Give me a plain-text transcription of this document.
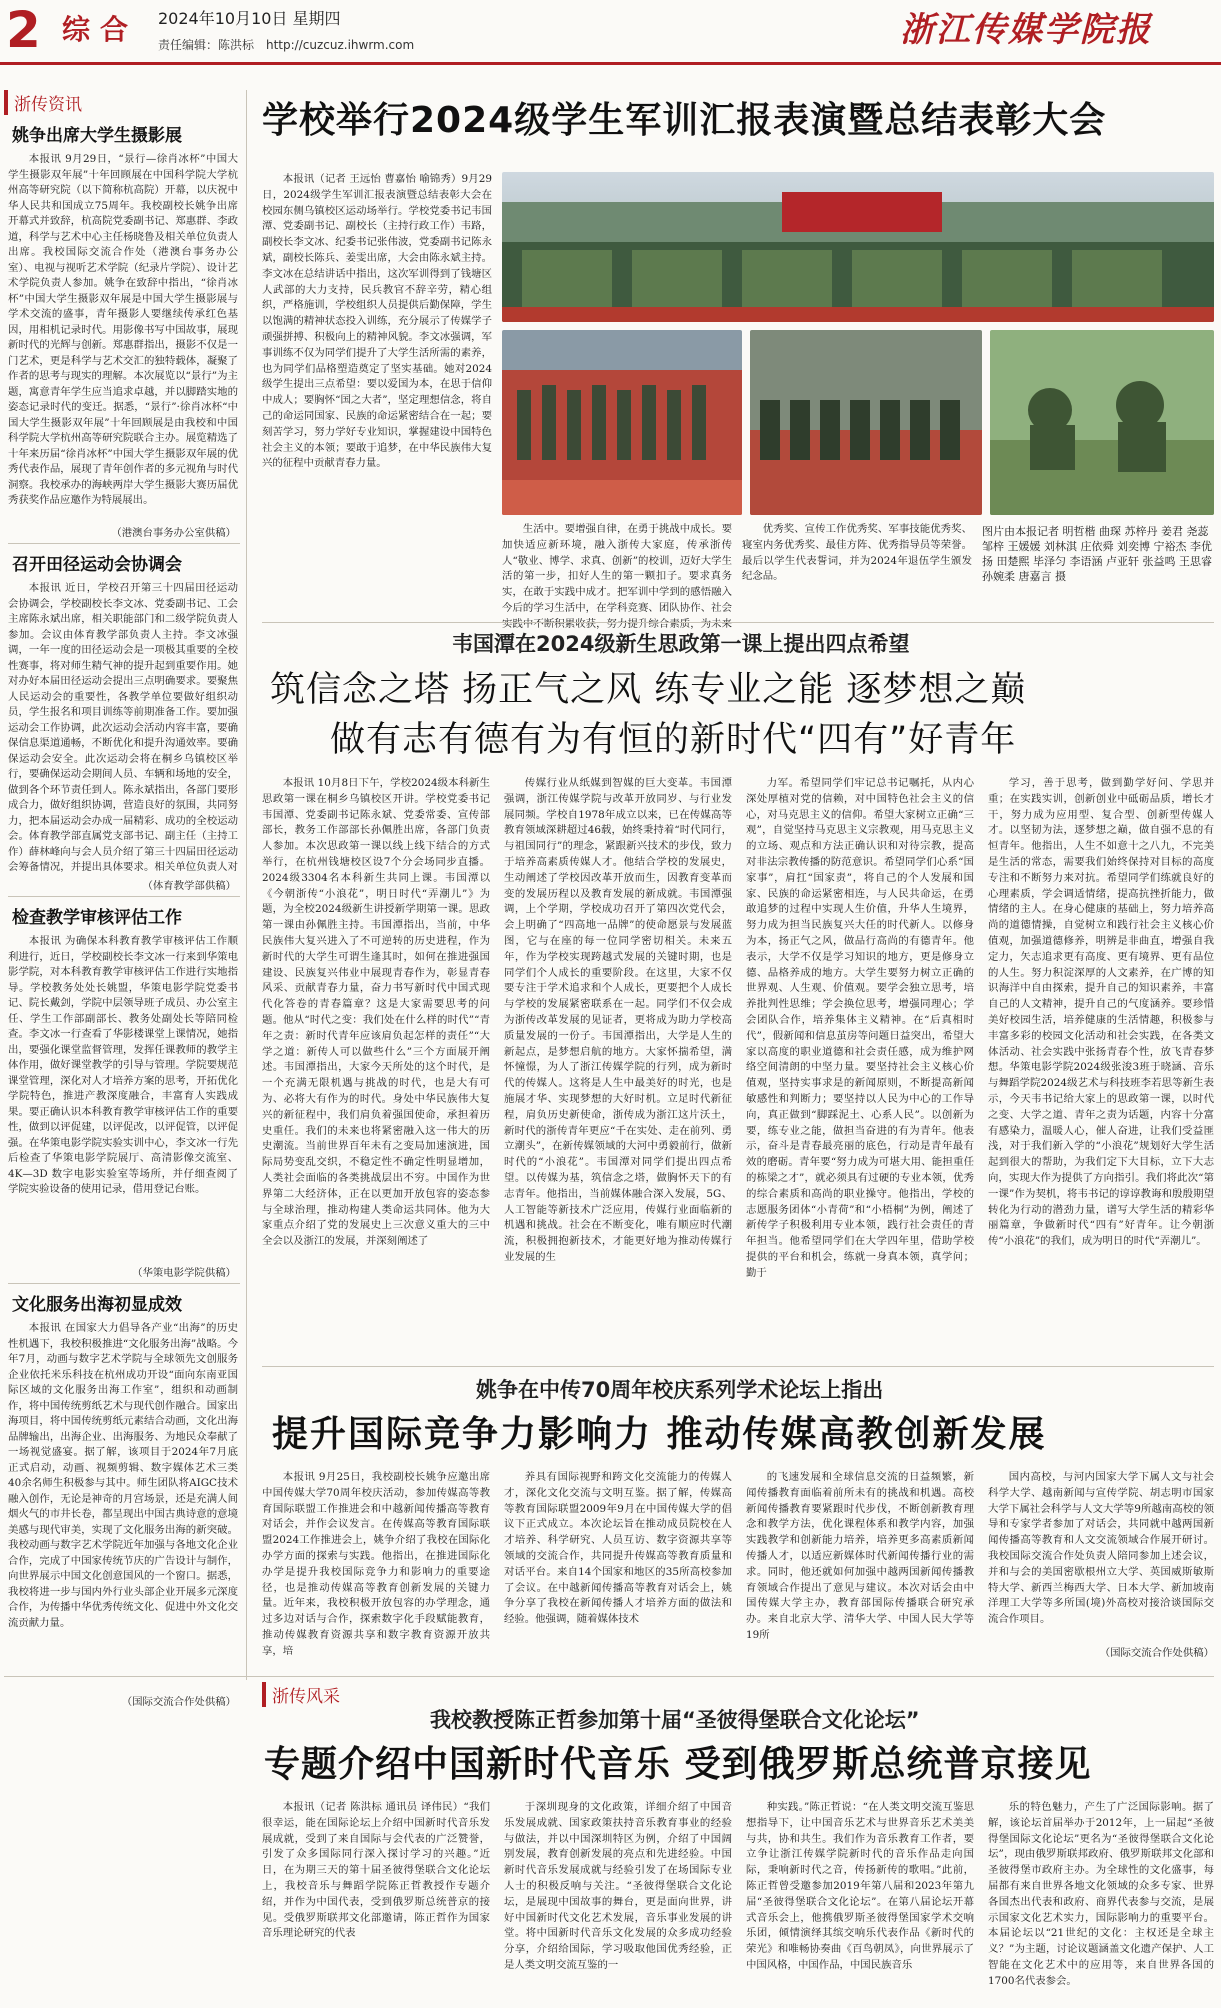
2 综合 2024年10月10日 星期四
责任编辑：陈洪标　http://cuzcuz.ihwrm.com	浙江传媒学院报
浙传资讯
姚争出席大学生摄影展
本报讯 9月29日，“景行—徐肖冰杯”中国大学生摄影双年展”十年回顾展在中国科学院大学杭州高等研究院（以下简称杭高院）开幕，以庆祝中华人民共和国成立75周年。我校副校长姚争出席开幕式并致辞，杭高院党委副书记、郑惠群、李政道，科学与艺术中心主任杨晓鲁及相关单位负责人出席。我校国际交流合作处（港澳台事务办公室）、电视与视听艺术学院（纪录片学院）、设计艺术学院负责人参加。姚争在致辞中指出，“徐肖冰杯”中国大学生摄影双年展是中国大学生摄影展与学术交流的盛事，青年摄影人要继续传承红色基因，用相机记录时代。用影像书写中国故事，展现新时代的光辉与创新。郑惠群指出，摄影不仅是一门艺术，更是科学与艺术交汇的独特载体，凝聚了作者的思考与现实的理解。本次展览以“景行”为主题，寓意青年学生应当追求卓越，并以脚踏实地的姿态记录时代的变迁。据悉，“景行”·徐肖冰杯“中国大学生摄影双年展”十年回顾展是由我校和中国科学院大学杭州高等研究院联合主办。展览精选了十年来历届“徐肖冰杯”中国大学生摄影双年展的优秀代表作品，展现了青年创作者的多元视角与时代洞察。我校承办的海峡两岸大学生摄影大赛历届优秀获奖作品应邀作为特展展出。
（港澳台事务办公室供稿）
召开田径运动会协调会
本报讯 近日，学校召开第三十四届田径运动会协调会，学校副校长李文冰、党委副书记、工会主席陈永斌出席，相关职能部门和二级学院负责人参加。会议由体育教学部负责人主持。李文冰强调，一年一度的田径运动会是一项极其重要的全校性赛事，将对师生精气神的提升起到重要作用。她对办好本届田径运动会提出三点明确要求。要聚焦人民运动会的重要性，各教学单位要做好组织动员，学生报名和项目训练等前期准备工作。要加强运动会工作协调，此次运动会活动内容丰富，要确保信息渠道通畅，不断优化和提升沟通效率。要确保运动会安全。此次运动会将在桐乡乌镇校区举行，要确保运动会期间人员、车辆和场地的安全，做到各个环节责任到人。陈永斌指出，各部门要形成合力，做好组织协调，营造良好的氛围，共同努力，把本届运动会办成一届精彩、成功的全校运动会。体育教学部直属党支部书记、副主任（主持工作）薛林峰向与会人员介绍了第三十四届田径运动会筹备情况，并提出具体要求。相关单位负责人对
（体育教学部供稿）
检查教学审核评估工作
本报讯 为确保本科教育教学审核评估工作顺利进行，近日，学校副校长李文冰一行来到华策电影学院，对本科教育教学审核评估工作进行实地指导。学校教务处处长姚盟，华策电影学院党委书记、院长戴剑，学院中层领导班子成员、办公室主任、学生工作部副部长、教务处副处长等陪同检查。李文冰一行查看了华影楼课堂上课情况，她指出，要强化课堂监督管理，发挥任课教师的教学主体作用，做好课堂教学的引导与管理。学院要规范课堂管理，深化对人才培养方案的思考，开拓优化学院特色，推进产教深度融合，丰富育人实践成果。要正确认识本科教育教学审核评估工作的重要性，做到以评促建，以评促改，以评促管，以评促强。在华策电影学院实验实训中心，李文冰一行先后检查了华策电影学院展厅、高清影像交流室、4K—3D 数字电影实验室等场所，并仔细查阅了学院实验设备的使用记录，借用登记台账。
（华策电影学院供稿）
文化服务出海初显成效
本报讯 在国家大力倡导各产业“出海”的历史性机遇下，我校积极推进“文化服务出海”战略。今年7月，动画与数字艺术学院与全球领先文创服务企业依托米乐科技在杭州成功开设“面向东南亚国际区域的文化服务出海工作室”，组织和动画制作，将中国传统剪纸艺术与现代创作融合。国家出海项目，将中国传统剪纸元素结合动画，文化出海品牌输出，出海企业、出海服务、为地民众奉献了一场视觉盛宴。据了解，该项目于2024年7月底正式启动，动画、视频剪辑、数字媒体艺术三类40余名师生积极参与其中。师生团队将AIGC技术融入创作，无论是神奇的月宫场景，还是充满人间烟火气的市井长卷，都呈现出中国古典诗意的意境美感与现代审美，实现了文化服务出海的新突破。我校动画与数字艺术学院近年加强与各地文化企业合作，完成了中国家传统节庆的广告设计与制作，向世界展示中国文化创意国风的一个窗口。据悉，我校将进一步与国内外行业头部企业开展多元深度合作，为传播中华优秀传统文化、促进中外文化交流贡献力量。
（国际交流合作处供稿）
学校举行2024级学生军训汇报表演暨总结表彰大会
本报讯（记者 王远怡 曹嘉怡 喻锦秀）9月29日，2024级学生军训汇报表演暨总结表彰大会在校园东侧乌镇校区运动场举行。学校党委书记韦国潭、党委副书记、副校长（主持行政工作）韦路，副校长李文冰、纪委书记张伟波，党委副书记陈永斌，副校长陈兵、姜雯出席，大会由陈永斌主持。李文冰在总结讲话中指出，这次军训得到了钱塘区人武部的大力支持，民兵教官不辞辛劳，精心组织，严格施训，学校组织人员提供后勤保障，学生以饱满的精神状态投入训练，充分展示了传媒学子顽强拼搏、积极向上的精神风貌。李文冰强调，军事训练不仅为同学们提升了大学生活所需的素养，也为同学们品格塑造奠定了坚实基础。她对2024级学生提出三点希望：要以爱国为本，在思于信仰中成人；要胸怀“国之大者”，坚定理想信念，将自己的命运同国家、民族的命运紧密结合在一起；要刻苦学习，努力学好专业知识，掌握建设中国特色社会主义的本领；要敢于追梦，在中华民族伟大复兴的征程中贡献青春力量。
生活中。要增强自律，在勇于挑战中成长。要加快适应新环境，融入浙传大家庭，传承浙传人“敬业、博学、求真、创新”的校训，迈好大学生活的第一步，扣好人生的第一颗扣子。要求真务实，在敢于实践中成才。把军训中学到的感悟融入今后的学习生活中，在学科竞赛、团队协作、社会实践中不断积累收获，努力提升综合素质，为未来
优秀奖、宣传工作优秀奖、军事技能优秀奖、寝室内务优秀奖、最佳方阵、优秀指导员等荣誉。最后以学生代表誓词，并为2024年退伍学生颁发纪念品。
图片由本报记者 明哲楷 曲琛 苏梓丹 姜君 尧蕊邹梓 王媛媛 刘林淇 庄依舜 刘奕博 宁裕杰 李优扬 田楚熙 毕泽匀 李语涵 卢亚轩 张益鸣 王思睿 孙婉柔 唐嘉言 摄
韦国潭在2024级新生思政第一课上提出四点希望
筑信念之塔 扬正气之风 练专业之能 逐梦想之巅
做有志有德有为有恒的新时代“四有”好青年
本报讯 10月8日下午，学校2024级本科新生思政第一课在桐乡乌镇校区开讲。学校党委书记韦国潭、党委副书记陈永斌、党委常委、宣传部部长，教务工作部部长孙佩胜出席，各部门负责人参加。本次思政第一课以线上线下结合的方式举行，在杭州钱塘校区设7个分会场同步直播。2024级3304名本科新生共同上课。韦国潭以《今朝浙传“小浪花”，明日时代“弄潮儿”》为题，为全校2024级新生讲授新学期第一课。思政第一课由孙佩胜主持。韦国潭指出，当前，中华民族伟大复兴进入了不可逆转的历史进程，作为新时代的大学生可谓生逢其时，如何在推进强国建设、民族复兴伟业中展现青春作为，彰显青春风采、贡献青春力量，奋力书写新时代中国式现代化答卷的青春篇章？这是大家需要思考的问题。他从“时代之变：我们处在什么样的时代”“青年之责：新时代青年应该肩负起怎样的责任”“大学之道：新传人可以做些什么”三个方面展开阐述。韦国潭指出，大家今天所处的这个时代，是一个充满无限机遇与挑战的时代，也是大有可为、必将大有作为的时代。身处中华民族伟大复兴的新征程中，我们肩负着强国使命，承担着历史重任。我们的未来也将紧密融入这一伟大的历史潮流。当前世界百年未有之变局加速演进，国际局势变乱交织，不稳定性不确定性明显增加，人类社会面临的各类挑战层出不穷。中国作为世界第二大经济体，正在以更加开放包容的姿态参与全球治理，推动构建人类命运共同体。他为大家重点介绍了党的发展史上三次意义重大的三中全会以及浙江的发展，并深刻阐述了
传媒行业从纸媒到智媒的巨大变革。韦国潭强调，浙江传媒学院与改革开放同岁、与行业发展同频。学校自1978年成立以来，已在传媒高等教育领域深耕超过46载，始终秉持着“时代同行，与祖国同行”的理念，紧跟新兴技术的步伐，致力于培养高素质传媒人才。他结合学校的发展史，生动阐述了学校因改革开放而生，因教育变革而变的发展历程以及教育发展的新成就。韦国潭强调，上个学期，学校成功召开了第四次党代会，会上明确了“四高地一品牌”的使命愿景与发展蓝图，它与在座的每一位同学密切相关。未来五年，作为学校实现跨越式发展的关键时期，也是同学们个人成长的重要阶段。在这里，大家不仅要专注于学术追求和个人成长，更要把个人成长与学校的发展紧密联系在一起。同学们不仅会成为浙传改革发展的见证者，更将成为助力学校高质量发展的一份子。韦国潭指出，大学是人生的新起点，是梦想启航的地方。大家怀揣希望，满怀憧憬，为人了浙江传媒学院的行列，成为新时代的传媒人。这将是人生中最美好的时光，也是施展才华、实现梦想的大好时机。立足时代新征程，肩负历史新使命，浙传成为浙江这片沃土，新时代的浙传青年更应“千在实处、走在前列、勇立潮头”，在新传媒领域的大河中勇毅前行，做新时代的“小浪花”。韦国潭对同学们提出四点希望。以传媒为基，筑信念之塔，做胸怀天下的有志青年。他指出，当前媒体融合深入发展，5G、人工智能等新技术广泛应用，传媒行业面临新的机遇和挑战。社会在不断变化，唯有顺应时代潮流，积极拥抱新技术，才能更好地为推动传媒行业发展的生
力军。希望同学们牢记总书记嘱托，从内心深处厚植对党的信赖，对中国特色社会主义的信心，对马克思主义的信仰。希望大家树立正确“三观”，自觉坚持马克思主义宗教观，用马克思主义的立场、观点和方法正确认识和对待宗教，提高对非法宗教传播的防范意识。希望同学们心系“国家事”，肩扛“国家责”，将自己的个人发展和国家、民族的命运紧密相连，与人民共命运，在勇敢追梦的过程中实现人生价值，升华人生境界，努力成为担当民族复兴大任的时代新人。以修身为本，扬正气之风，做品行高尚的有德青年。他表示，大学不仅是学习知识的地方，更是修身立德、品格养成的地方。大学生要努力树立正确的世界观、人生观、价值观。要学会独立思考，培养批判性思维；学会换位思考，增强同理心；学会团队合作，培养集体主义精神。在“后真相时代”，假新闻和信息茧房等问题日益突出，希望大家以高度的职业道德和社会责任感，成为维护网络空间清朗的中坚力量。要坚持社会主义核心价值观，坚持实事求是的新闻原则，不断提高新闻敏感性和判断力；要坚持以人民为中心的工作导向，真正做到“脚踩泥土、心系人民”。以创新为要，练专业之能，做担当奋进的有为青年。他表示，奋斗是青春最亮丽的底色，行动是青年最有效的磨砺。青年要“努力成为可堪大用、能担重任的栋梁之才”，就必须具有过硬的专业本领，优秀的综合素质和高尚的职业操守。他指出，学校的志愿服务团体“小青荷”和“小梧桐”为例，阐述了新传学子积极利用专业本领，践行社会责任的青年担当。他希望同学们在大学四年里，借助学校提供的平台和机会，练就一身真本领，真学问；勤于
学习，善于思考，做到勤学好问、学思并重；在实践实训，创新创业中砥砺品质，增长才干，努力成为应用型、复合型、创新型传媒人才。以坚韧为法，逐梦想之巅，做自强不息的有恒青年。他指出，人生不如意十之八九，不完美是生活的常态，需要我们始终保持对目标的高度专注和不断努力来对抗。希望同学们练就良好的心理素质，学会调适情绪，提高抗挫折能力，做情绪的主人。在身心健康的基础上，努力培养高尚的道德情操，自觉树立和践行社会主义核心价值观，加强道德修养，明辨是非曲直，增强自我定力，矢志追求更有高度、更有境界、更有品位的人生。努力积淀深厚的人文素养，在广博的知识海洋中自由探索，提升自己的知识素养，丰富自己的人文精神，提升自己的气度涵养。要珍惜美好校园生活，培养健康的生活情趣，积极参与丰富多彩的校园文化活动和社会实践，在各类文体活动、社会实践中张扬青春个性，放飞青春梦想。华策电影学院2024级张浚3班于晓涵、音乐与舞蹈学院2024级艺术与科技班李若思等新生表示，今天韦书记给大家上的思政第一课，以时代之变、大学之道、青年之责为话题，内容十分富有感染力，温暖人心，催人奋进，让我们受益匪浅，对于我们新入学的“小浪花”规划好大学生活起到很大的帮助，为我们定下大目标，立下大志向，实现大作为提供了方向指引。我们将此次“第一课”作为契机，将韦书记的谆谆教诲和殷殷期望转化为行动的潜劲力量，谱写大学生活的精彩华丽篇章，争做新时代“四有”好青年。让今朝浙传“小浪花”的我们，成为明日的时代“弄潮儿”。
姚争在中传70周年校庆系列学术论坛上指出
提升国际竞争力影响力 推动传媒高教创新发展
本报讯 9月25日，我校副校长姚争应邀出席中国传媒大学70周年校庆活动，参加传媒高等教育国际联盟工作推进会和中越新闻传播高等教育对话会，并作会议发言。在传媒高等教育国际联盟2024工作推进会上，姚争介绍了我校在国际化办学方面的探索与实践。他指出，在推进国际化办学是提升我校国际竞争力和影响力的重要途径，也是推动传媒高等教育创新发展的关键力量。近年来，我校积极开放包容的办学理念，通过多边对话与合作，探索数字化手段赋能教育，推动传媒教育资源共享和数字教育资源开放共享，培
养具有国际视野和跨文化交流能力的传媒人才，深化文化交流与文明互鉴。据了解，传媒高等教育国际联盟2009年9月在中国传媒大学的倡议下正式成立。本次论坛旨在推动成员院校在人才培养、科学研究、人员互访、数字资源共享等领域的交流合作，共同提升传媒高等教育质量和对话平台。来自14个国家和地区的35所高校参加了会议。在中越新闻传播高等教育对话会上，姚争分享了我校在新闻传播人才培养方面的做法和经验。他强调，随着媒体技术
的飞速发展和全球信息交流的日益频繁，新闻传播教育面临着前所未有的挑战和机遇。高校新闻传播教育要紧跟时代步伐，不断创新教育理念和教学方法，优化课程体系和教学内容，加强实践教学和创新能力培养，培养更多高素质新闻传播人才，以适应新媒体时代新闻传播行业的需求。同时，他还就如何加强中越两国新闻传播教育领域合作提出了意见与建议。本次对话会由中国传媒大学主办，教育部国际传播联合研究承办。来自北京大学、清华大学、中国人民大学等19所
国内高校，与河内国家大学下属人文与社会科学大学、越南新闻与宣传学院、胡志明市国家大学下属社会科学与人文大学等9所越南高校的领导和专家学者参加了对话会，共同就中越两国新闻传播高等教育和人文交流领域合作展开研讨。我校国际交流合作处负责人陪同参加上述会议，并和与会的美国密歇根州立大学、英国威斯敏斯特大学、新西兰梅西大学、日本大学、新加坡南洋理工大学等多所国(境)外高校对接洽谈国际交流合作项目。
（国际交流合作处供稿）
浙传风采
我校教授陈正哲参加第十届“圣彼得堡联合文化论坛”
专题介绍中国新时代音乐 受到俄罗斯总统普京接见
本报讯（记者 陈洪标 通讯员 译伟民）“我们很幸运，能在国际论坛上介绍中国新时代音乐发展成就，受到了来自国际与会代表的广泛赞誉，引发了众多国际同行深入探讨学习的兴趣。”近日，在为期三天的第十届圣彼得堡联合文化论坛上，我校音乐与舞蹈学院陈正哲教授作专题介绍，并作为中国代表，受到俄罗斯总统普京的接见。受俄罗斯联邦文化部邀请，陈正哲作为国家音乐理论研究的代表
于深圳现身的文化政策，详细介绍了中国音乐发展成就、国家政策扶持音乐教育事业的经验与做法，并以中国深圳特区为例，介绍了中国阔别发展，教育创新发展的亮点和先进经验。中国新时代音乐发展成就与经验引发了在场国际专业人士的积极反响与关注。“圣彼得堡联合文化论坛，是展现中国故事的舞台，更是面向世界，讲好中国新时代文化艺术发展，音乐事业发展的讲堂。将中国新时代音乐文化发展的众多成功经验分享，介绍给国际，学习吸取他国优秀经验，正是人类文明交流互鉴的一
种实践。”陈正哲说：“在人类文明交流互鉴思想指导下，让中国音乐艺术与世界音乐艺术美美与共，协和共生。我们作为音乐教育工作者，要立争让浙江传媒学院新时代的音乐作品走向国际，秉响新时代之音，传扬新传的歌唱。”此前，陈正哲曾受邀参加2019年第八届和2023年第九届“圣彼得堡联合文化论坛”。在第八届论坛开幕式音乐会上，他携俄罗斯圣彼得堡国家学术交响乐团，倾情演绎其缤交响乐代表作品《新时代的荣光》和唯畅协奏曲《百鸟朝凤》，向世界展示了中国风格，中国作品，中国民族音乐
乐的特色魅力，产生了广泛国际影响。据了解，该论坛首届举办于2012年，上一届起“圣彼得堡国际文化论坛”更名为“圣彼得堡联合文化论坛”，现由俄罗斯联邦政府、俄罗斯联邦文化部和圣彼得堡市政府主办。为全球性的文化盛事，每届都有来自世界各地文化领域的众多专家、世界各国杰出代表和政府、商界代表参与交流，是展示国家文化艺术实力，国际影响力的重要平台。本届论坛以“21世纪的文化：主权还是全球主义？”为主题，讨论议题涵盖文化遗产保护、人工智能在文化艺术中的应用等，来自世界各国的1700名代表参会。
